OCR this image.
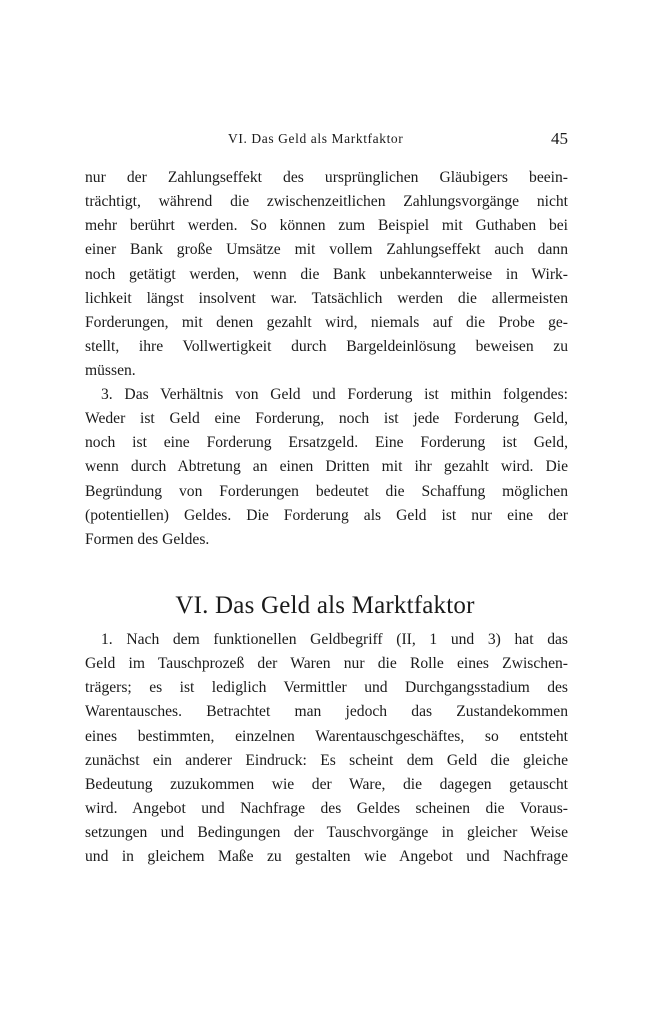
VI. Das Geld als Marktfaktor	45
nur der Zahlungseffekt des ursprünglichen Gläubigers beein-
trächtigt, während die zwischenzeitlichen Zahlungsvorgänge nicht
mehr berührt werden. So können zum Beispiel mit Guthaben bei
einer Bank große Umsätze mit vollem Zahlungseffekt auch dann
noch getätigt werden, wenn die Bank unbekannterweise in Wirk-
lichkeit längst insolvent war. Tatsächlich werden die allermeisten
Forderungen, mit denen gezahlt wird, niemals auf die Probe ge-
stellt, ihre Vollwertigkeit durch Bargeldeinlösung beweisen zu
müssen.
3. Das Verhältnis von Geld und Forderung ist mithin folgendes:
Weder ist Geld eine Forderung, noch ist jede Forderung Geld,
noch ist eine Forderung Ersatzgeld. Eine Forderung ist Geld,
wenn durch Abtretung an einen Dritten mit ihr gezahlt wird. Die
Begründung von Forderungen bedeutet die Schaffung möglichen
(potentiellen) Geldes. Die Forderung als Geld ist nur eine der
Formen des Geldes.
VI. Das Geld als Marktfaktor
1. Nach dem funktionellen Geldbegriff (II, 1 und 3) hat das
Geld im Tauschprozeß der Waren nur die Rolle eines Zwischen-
trägers; es ist lediglich Vermittler und Durchgangsstadium des
Warentausches. Betrachtet man jedoch das Zustandekommen
eines bestimmten, einzelnen Warentauschgeschäftes, so entsteht
zunächst ein anderer Eindruck: Es scheint dem Geld die gleiche
Bedeutung zuzukommen wie der Ware, die dagegen getauscht
wird. Angebot und Nachfrage des Geldes scheinen die Voraus-
setzungen und Bedingungen der Tauschvorgänge in gleicher Weise
und in gleichem Maße zu gestalten wie Angebot und Nachfrage
